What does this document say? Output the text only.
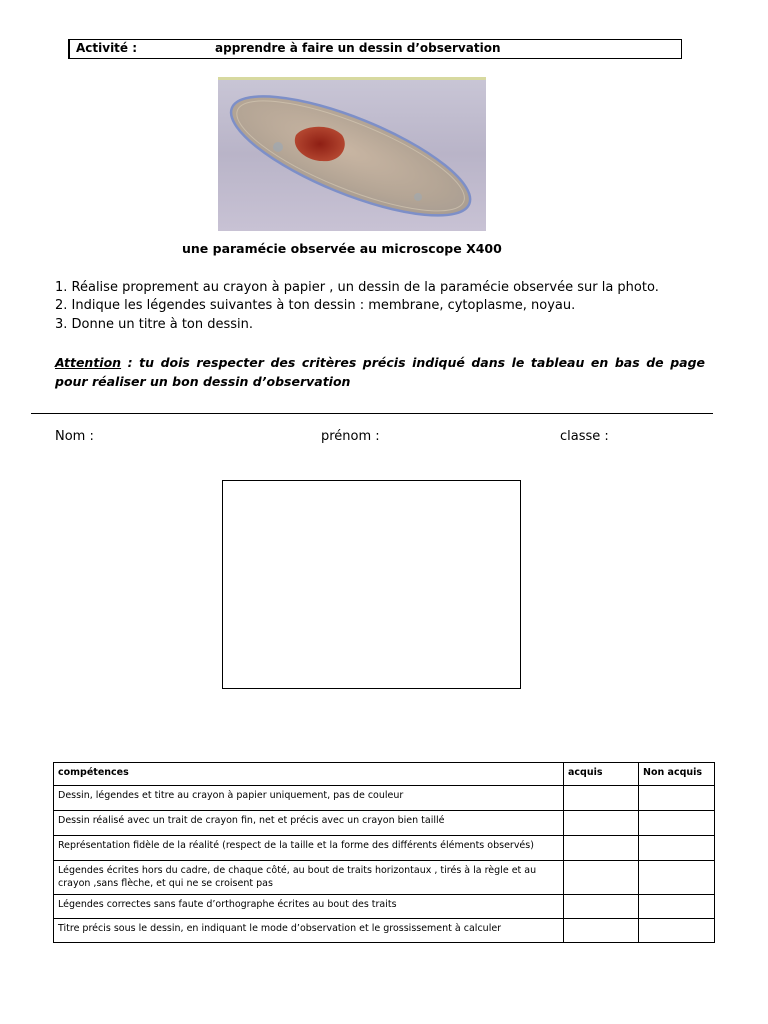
Activité :	apprendre à faire un dessin d’observation
une paramécie observée au microscope X400
1. Réalise proprement au crayon à papier , un dessin de la paramécie observée sur la photo.
2. Indique les légendes suivantes à ton dessin : membrane, cytoplasme, noyau.
3. Donne un titre à ton dessin.
Attention : tu dois respecter des critères précis indiqué dans le tableau en bas de page pour réaliser un bon dessin d’observation
Nom :	prénom :	classe :
compétences	acquis	Non acquis
Dessin, légendes et titre au crayon à papier uniquement, pas de couleur		
Dessin réalisé avec un trait de crayon fin, net et précis avec un crayon bien taillé		
Représentation fidèle de la réalité (respect de la taille et la forme des différents éléments observés)		
Légendes écrites hors du cadre, de chaque côté, au bout de traits horizontaux , tirés à la règle et au crayon ,sans flèche, et qui ne se croisent pas		
Légendes correctes sans faute d’orthographe écrites au bout des traits		
Titre précis sous le dessin, en indiquant le mode d’observation et le grossissement à calculer		
